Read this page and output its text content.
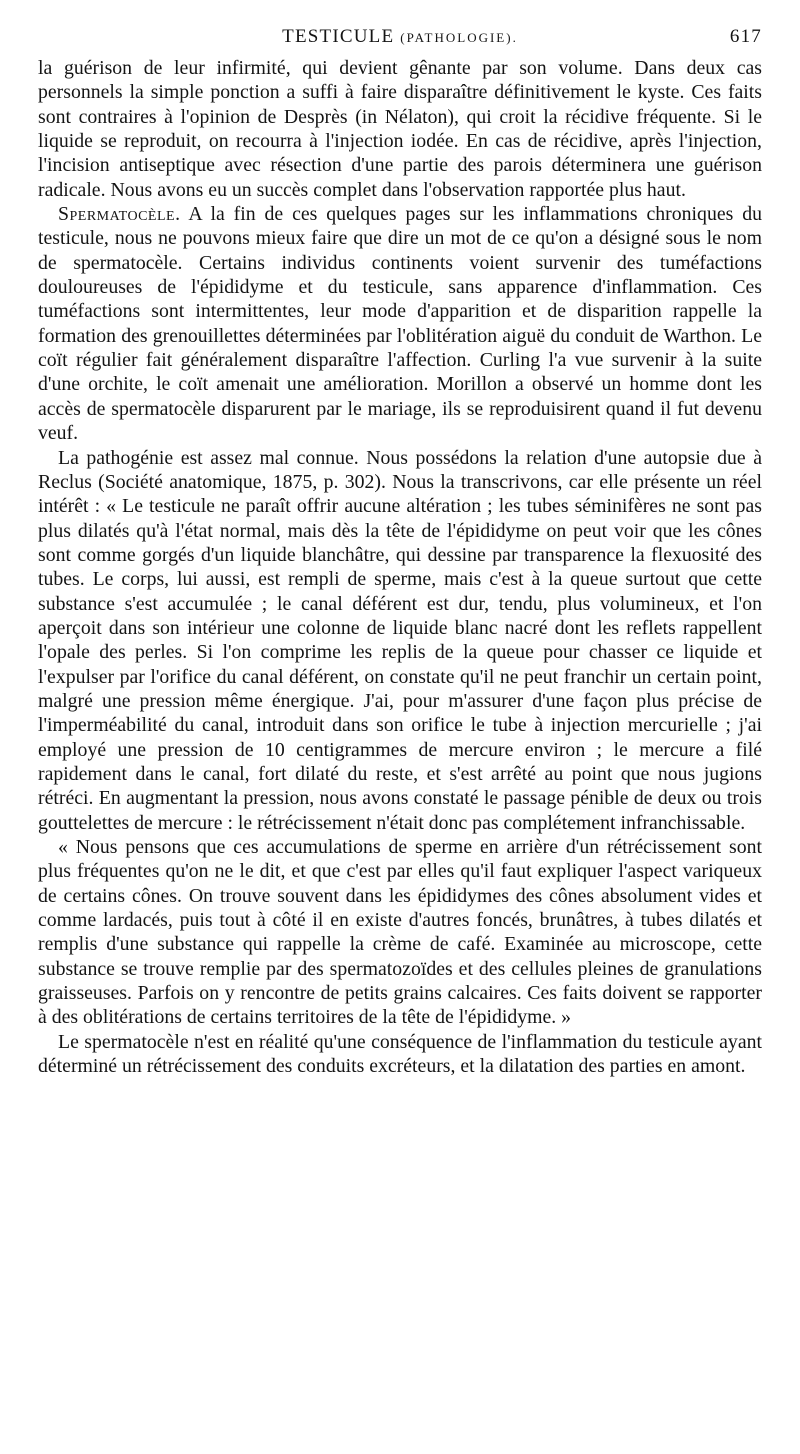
TESTICULE (PATHOLOGIE).	617

la guérison de leur infirmité, qui devient gênante par son volume. Dans deux cas personnels la simple ponction a suffi à faire disparaître définitivement le kyste. Ces faits sont contraires à l'opinion de Desprès (in Nélaton), qui croit la récidive fréquente. Si le liquide se reproduit, on recourra à l'injection iodée. En cas de récidive, après l'injection, l'incision antiseptique avec résection d'une partie des parois déterminera une guérison radicale. Nous avons eu un succès complet dans l'observation rapportée plus haut.

Spermatocèle. A la fin de ces quelques pages sur les inflammations chroniques du testicule, nous ne pouvons mieux faire que dire un mot de ce qu'on a désigné sous le nom de spermatocèle. Certains individus continents voient survenir des tuméfactions douloureuses de l'épididyme et du testicule, sans apparence d'inflammation. Ces tuméfactions sont intermittentes, leur mode d'apparition et de disparition rappelle la formation des grenouillettes déterminées par l'oblitération aiguë du conduit de Warthon. Le coït régulier fait généralement disparaître l'affection. Curling l'a vue survenir à la suite d'une orchite, le coït amenait une amélioration. Morillon a observé un homme dont les accès de spermatocèle disparurent par le mariage, ils se reproduisirent quand il fut devenu veuf.

La pathogénie est assez mal connue. Nous possédons la relation d'une autopsie due à Reclus (Société anatomique, 1875, p. 302). Nous la transcrivons, car elle présente un réel intérêt : « Le testicule ne paraît offrir aucune altération ; les tubes séminifères ne sont pas plus dilatés qu'à l'état normal, mais dès la tête de l'épididyme on peut voir que les cônes sont comme gorgés d'un liquide blanchâtre, qui dessine par transparence la flexuosité des tubes. Le corps, lui aussi, est rempli de sperme, mais c'est à la queue surtout que cette substance s'est accumulée ; le canal déférent est dur, tendu, plus volumineux, et l'on aperçoit dans son intérieur une colonne de liquide blanc nacré dont les reflets rappellent l'opale des perles. Si l'on comprime les replis de la queue pour chasser ce liquide et l'expulser par l'orifice du canal déférent, on constate qu'il ne peut franchir un certain point, malgré une pression même énergique. J'ai, pour m'assurer d'une façon plus précise de l'imperméabilité du canal, introduit dans son orifice le tube à injection mercurielle ; j'ai employé une pression de 10 centigrammes de mercure environ ; le mercure a filé rapidement dans le canal, fort dilaté du reste, et s'est arrêté au point que nous jugions rétréci. En augmentant la pression, nous avons constaté le passage pénible de deux ou trois gouttelettes de mercure : le rétrécissement n'était donc pas complétement infranchissable.

« Nous pensons que ces accumulations de sperme en arrière d'un rétrécissement sont plus fréquentes qu'on ne le dit, et que c'est par elles qu'il faut expliquer l'aspect variqueux de certains cônes. On trouve souvent dans les épididymes des cônes absolument vides et comme lardacés, puis tout à côté il en existe d'autres foncés, brunâtres, à tubes dilatés et remplis d'une substance qui rappelle la crème de café. Examinée au microscope, cette substance se trouve remplie par des spermatozoïdes et des cellules pleines de granulations graisseuses. Parfois on y rencontre de petits grains calcaires. Ces faits doivent se rapporter à des oblitérations de certains territoires de la tête de l'épididyme. »

Le spermatocèle n'est en réalité qu'une conséquence de l'inflammation du testicule ayant déterminé un rétrécissement des conduits excréteurs, et la dilatation des parties en amont.
